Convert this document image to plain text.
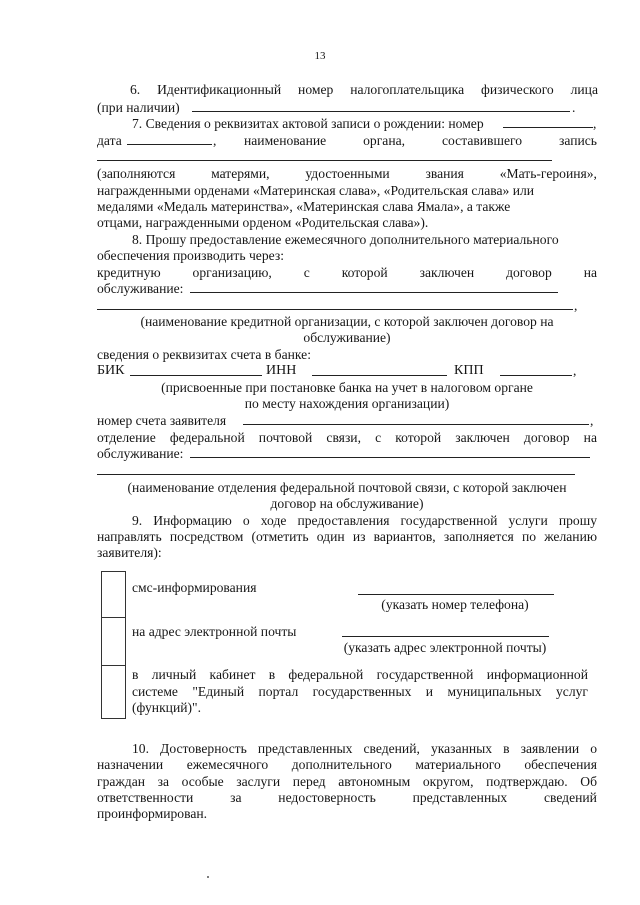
13
6. Идентификационный номер налогоплательщика физического лица
(при наличии)	.
7. Сведения о реквизитах актовой записи о рождении: номер	,
дата	, наименование	органа,	составившего	запись
(заполняются	матерями,	удостоенными	звания	«Мать-героиня»,
награжденными орденами «Материнская слава», «Родительская слава» или
медалями «Медаль материнства», «Материнская слава Ямала», а также
отцами, награжденными орденом «Родительская слава»).
8. Прошу предоставление ежемесячного дополнительного материального
обеспечения производить через:
кредитную организацию, с которой заключен договор на
обслуживание:
,
(наименование кредитной организации, с которой заключен договор на
обслуживание)
сведения о реквизитах счета в банке:
БИК	ИНН	КПП	,
(присвоенные при постановке банка на учет в налоговом органе
по месту нахождения организации)
номер счета заявителя	,
отделение федеральной почтовой связи, с которой заключен договор на
обслуживание:
(наименование отделения федеральной почтовой связи, с которой заключен
договор на обслуживание)
9. Информацию о ходе предоставления государственной услуги прошу
направлять посредством (отметить один из вариантов, заполняется по желанию
заявителя):
смс-информирования
(указать номер телефона)
на адрес электронной почты
(указать адрес электронной почты)
в личный кабинет в федеральной государственной информационной
системе "Единый портал государственных и муниципальных услуг
(функций)".
10. Достоверность представленных сведений, указанных в заявлении о
назначении ежемесячного дополнительного материального обеспечения
граждан за особые заслуги перед автономным округом, подтверждаю. Об
ответственности	за	недостоверность	представленных	сведений
проинформирован.
